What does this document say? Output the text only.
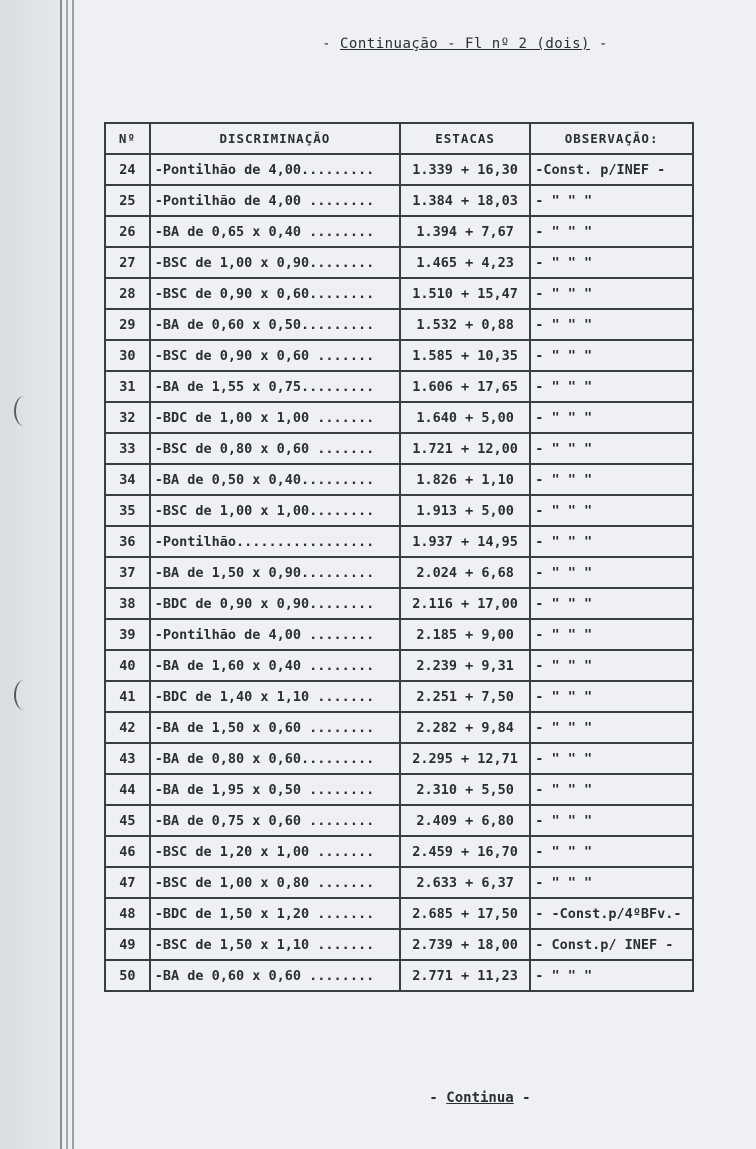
- Continuação - Fl nº 2 (dois) -
Nº	DISCRIMINAÇÃO	ESTACAS	OBSERVAÇÃO:
24	-Pontilhão de 4,00.........	1.339 + 16,30	-Const. p/INEF -
25	-Pontilhão de 4,00 ........	1.384 + 18,03	- " " "
26	-BA de 0,65 x 0,40 ........	1.394 + 7,67	- " " "
27	-BSC de 1,00 x 0,90........	1.465 + 4,23	- " " "
28	-BSC de 0,90 x 0,60........	1.510 + 15,47	- " " "
29	-BA de 0,60 x 0,50.........	1.532 + 0,88	- " " "
30	-BSC de 0,90 x 0,60 .......	1.585 + 10,35	- " " "
31	-BA de 1,55 x 0,75.........	1.606 + 17,65	- " " "
32	-BDC de 1,00 x 1,00 .......	1.640 + 5,00	- " " "
33	-BSC de 0,80 x 0,60 .......	1.721 + 12,00	- " " "
34	-BA de 0,50 x 0,40.........	1.826 + 1,10	- " " "
35	-BSC de 1,00 x 1,00........	1.913 + 5,00	- " " "
36	-Pontilhão.................	1.937 + 14,95	- " " "
37	-BA de 1,50 x 0,90.........	2.024 + 6,68	- " " "
38	-BDC de 0,90 x 0,90........	2.116 + 17,00	- " " "
39	-Pontilhão de 4,00 ........	2.185 + 9,00	- " " "
40	-BA de 1,60 x 0,40 ........	2.239 + 9,31	- " " "
41	-BDC de 1,40 x 1,10 .......	2.251 + 7,50	- " " "
42	-BA de 1,50 x 0,60 ........	2.282 + 9,84	- " " "
43	-BA de 0,80 x 0,60.........	2.295 + 12,71	- " " "
44	-BA de 1,95 x 0,50 ........	2.310 + 5,50	- " " "
45	-BA de 0,75 x 0,60 ........	2.409 + 6,80	- " " "
46	-BSC de 1,20 x 1,00 .......	2.459 + 16,70	- " " "
47	-BSC de 1,00 x 0,80 .......	2.633 + 6,37	- " " "
48	-BDC de 1,50 x 1,20 .......	2.685 + 17,50	- -Const.p/4ºBFv.-
49	-BSC de 1,50 x 1,10 .......	2.739 + 18,00	- Const.p/ INEF -
50	-BA de 0,60 x 0,60 ........	2.771 + 11,23	- " " "
- Continua -
